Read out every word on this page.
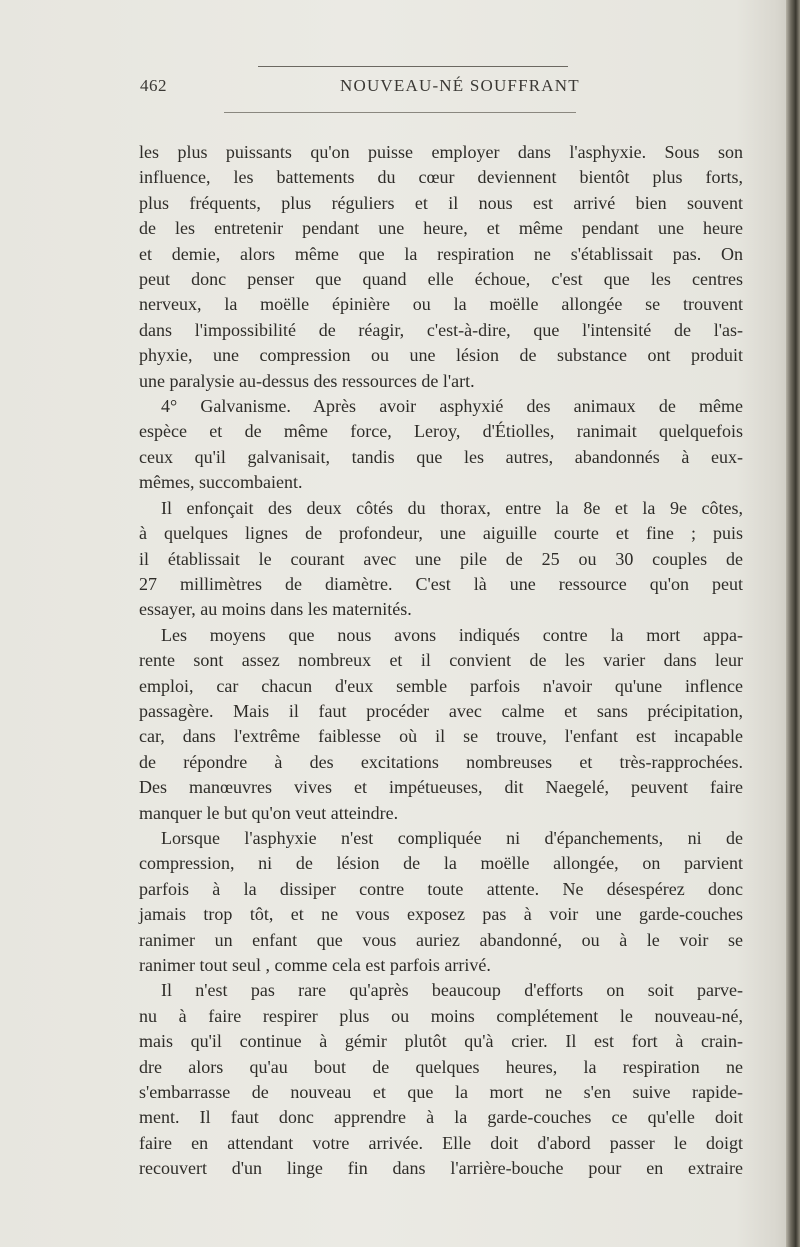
462	NOUVEAU-NÉ SOUFFRANT
les plus puissants qu'on puisse employer dans l'asphyxie. Sous son
influence, les battements du cœur deviennent bientôt plus forts,
plus fréquents, plus réguliers et il nous est arrivé bien souvent
de les entretenir pendant une heure, et même pendant une heure
et demie, alors même que la respiration ne s'établissait pas. On
peut donc penser que quand elle échoue, c'est que les centres
nerveux, la moëlle épinière ou la moëlle allongée se trouvent
dans l'impossibilité de réagir, c'est-à-dire, que l'intensité de l'as-
phyxie, une compression ou une lésion de substance ont produit
une paralysie au-dessus des ressources de l'art.
4° Galvanisme. Après avoir asphyxié des animaux de même
espèce et de même force, Leroy, d'Étiolles, ranimait quelquefois
ceux qu'il galvanisait, tandis que les autres, abandonnés à eux-
mêmes, succombaient.
Il enfonçait des deux côtés du thorax, entre la 8e et la 9e côtes,
à quelques lignes de profondeur, une aiguille courte et fine ; puis
il établissait le courant avec une pile de 25 ou 30 couples de
27 millimètres de diamètre. C'est là une ressource qu'on peut
essayer, au moins dans les maternités.
Les moyens que nous avons indiqués contre la mort appa-
rente sont assez nombreux et il convient de les varier dans leur
emploi, car chacun d'eux semble parfois n'avoir qu'une inflence
passagère. Mais il faut procéder avec calme et sans précipitation,
car, dans l'extrême faiblesse où il se trouve, l'enfant est incapable
de répondre à des excitations nombreuses et très-rapprochées.
Des manœuvres vives et impétueuses, dit Naegelé, peuvent faire
manquer le but qu'on veut atteindre.
Lorsque l'asphyxie n'est compliquée ni d'épanchements, ni de
compression, ni de lésion de la moëlle allongée, on parvient
parfois à la dissiper contre toute attente. Ne désespérez donc
jamais trop tôt, et ne vous exposez pas à voir une garde-couches
ranimer un enfant que vous auriez abandonné, ou à le voir se
ranimer tout seul , comme cela est parfois arrivé.
Il n'est pas rare qu'après beaucoup d'efforts on soit parve-
nu à faire respirer plus ou moins complétement le nouveau-né,
mais qu'il continue à gémir plutôt qu'à crier. Il est fort à crain-
dre alors qu'au bout de quelques heures, la respiration ne
s'embarrasse de nouveau et que la mort ne s'en suive rapide-
ment. Il faut donc apprendre à la garde-couches ce qu'elle doit
faire en attendant votre arrivée. Elle doit d'abord passer le doigt
recouvert d'un linge fin dans l'arrière-bouche pour en extraire
